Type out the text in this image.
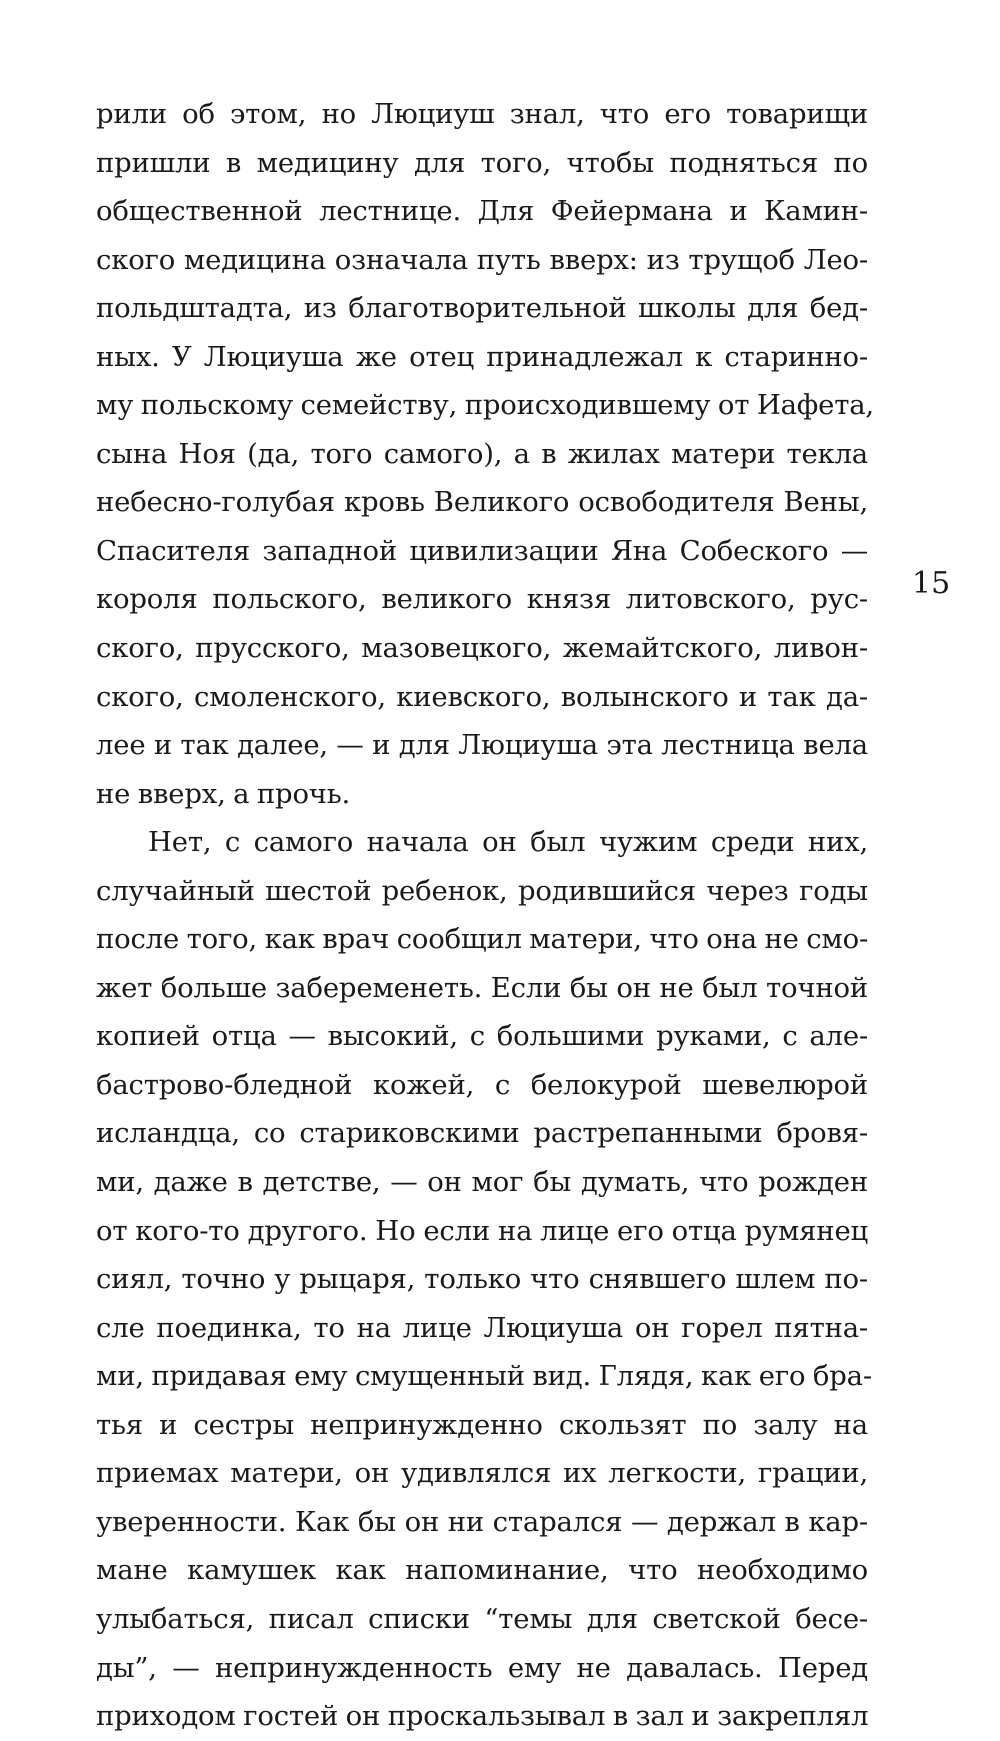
рили об этом, но Люциуш знал, что его товарищи
пришли в медицину для того, чтобы подняться по
общественной лестнице. Для Фейермана и Камин-
ского медицина означала путь вверх: из трущоб Лео-
польдштадта, из благотворительной школы для бед-
ных. У Люциуша же отец принадлежал к старинно-
му польскому семейству, происходившему от Иафета,
сына Ноя (да, того самого), а в жилах матери текла
небесно-голубая кровь Великого освободителя Вены,
Спасителя западной цивилизации Яна Собеского —
короля польского, великого князя литовского, рус-
ского, прусского, мазовецкого, жемайтского, ливон-
ского, смоленского, киевского, волынского и так да-
лее и так далее, — и для Люциуша эта лестница вела
не вверх, а прочь.
Нет, с самого начала он был чужим среди них,
случайный шестой ребенок, родившийся через годы
после того, как врач сообщил матери, что она не смо-
жет больше забеременеть. Если бы он не был точной
копией отца — высокий, с большими руками, с але-
бастрово-бледной кожей, с белокурой шевелюрой
исландца, со стариковскими растрепанными бровя-
ми, даже в детстве, — он мог бы думать, что рожден
от кого-то другого. Но если на лице его отца румянец
сиял, точно у рыцаря, только что снявшего шлем по-
сле поединка, то на лице Люциуша он горел пятна-
ми, придавая ему смущенный вид. Глядя, как его бра-
тья и сестры непринужденно скользят по залу на
приемах матери, он удивлялся их легкости, грации,
уверенности. Как бы он ни старался — держал в кар-
мане камушек как напоминание, что необходимо
улыбаться, писал списки “темы для светской бесе-
ды”, — непринужденность ему не давалась. Перед
приходом гостей он проскальзывал в зал и закреплял
15
